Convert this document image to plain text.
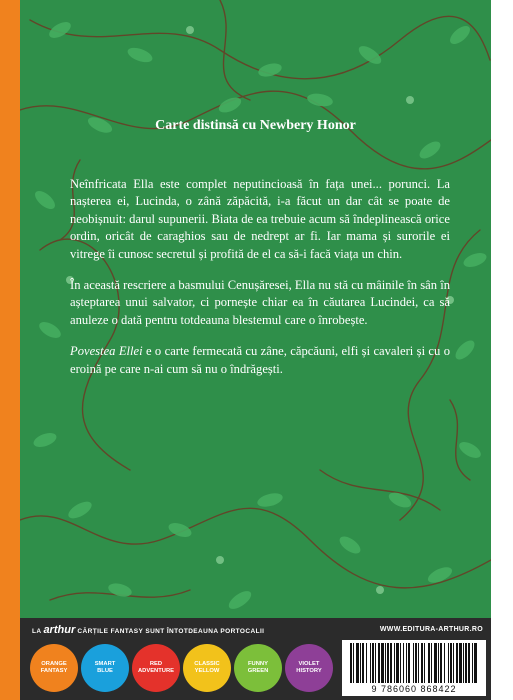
Carte distinsă cu Newbery Honor

Neînfricata Ella este complet neputincioasă în fața unei... porunci. La nașterea ei, Lucinda, o zână zăpăcită, i-a făcut un dar cât se poate de neobișnuit: darul supunerii. Biata de ea trebuie acum să îndeplinească orice ordin, oricât de caraghios sau de nedrept ar fi. Iar mama și surorile ei vitrege îi cunosc secretul și profită de el ca să-i facă viața un chin.

În această rescriere a basmului Cenușăresei, Ella nu stă cu mâinile în sân în așteptarea unui salvator, ci pornește chiar ea în căutarea Lucindei, ca să anuleze o dată pentru totdeauna blestemul care o înrobește.

Povestea Ellei e o carte fermecată cu zâne, căpcăuni, elfi și cavaleri și cu o eroină pe care n-ai cum să nu o îndrăgești.

LA arthur CĂRȚILE FANTASY SUNT ÎNTOTDEAUNA PORTOCALII	WWW.EDITURA-ARTHUR.RO
ORANGE
FANTASY
SMART
BLUE
RED
ADVENTURE
CLASSIC
YELLOW
FUNNY
GREEN
VIOLET
HISTORY
9 786060 868422
